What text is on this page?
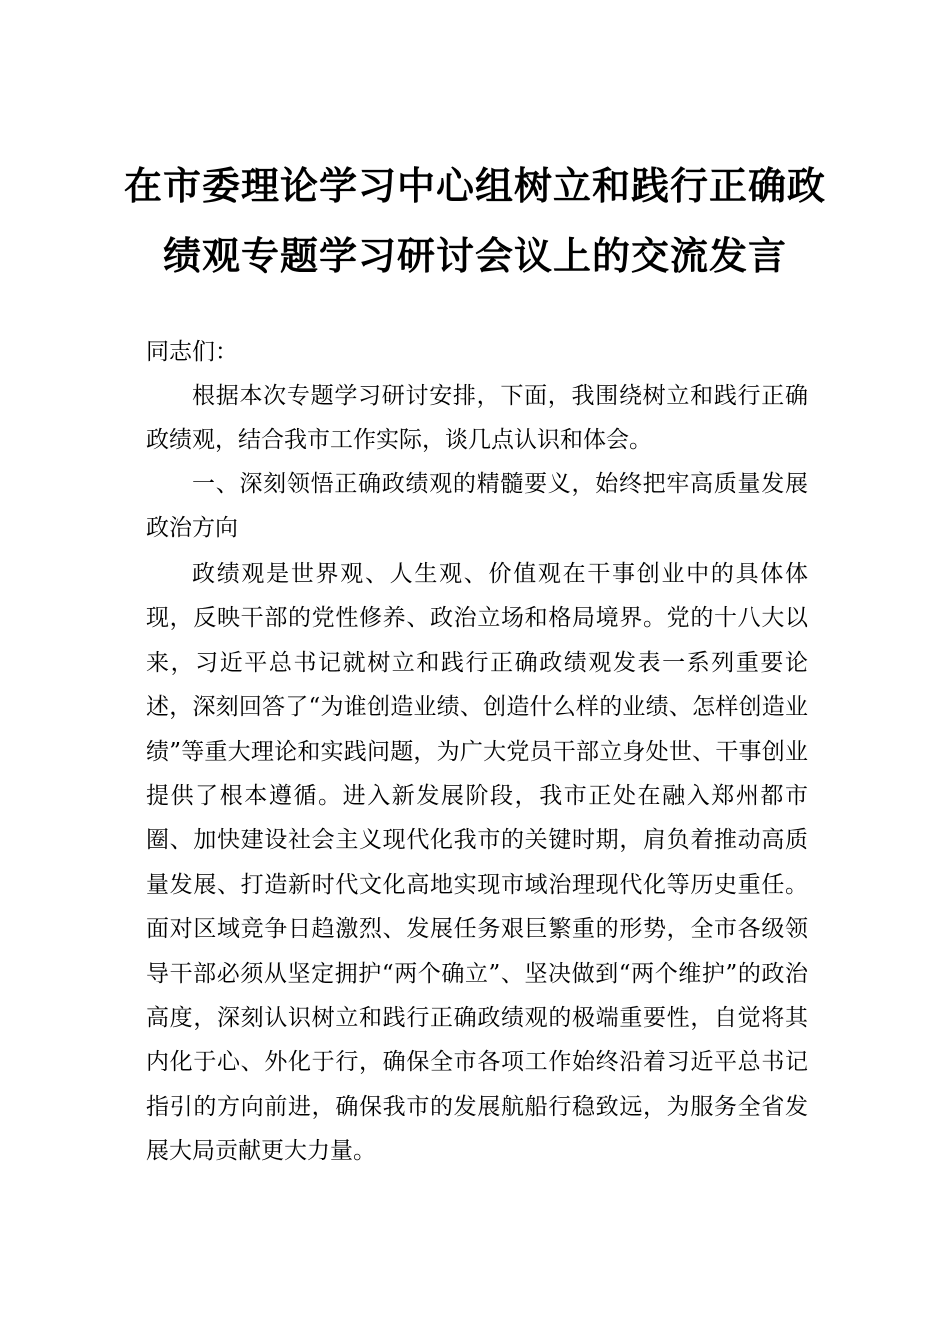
在市委理论学习中心组树立和践行正确政
绩观专题学习研讨会议上的交流发言
同志们：
根据本次专题学习研讨安排，下面，我围绕树立和践行正确政绩观，结合我市工作实际，谈几点认识和体会。
一、深刻领悟正确政绩观的精髓要义，始终把牢高质量发展政治方向
政绩观是世界观、人生观、价值观在干事创业中的具体体现，反映干部的党性修养、政治立场和格局境界。党的十八大以来，习近平总书记就树立和践行正确政绩观发表一系列重要论述，深刻回答了“为谁创造业绩、创造什么样的业绩、怎样创造业绩”等重大理论和实践问题，为广大党员干部立身处世、干事创业提供了根本遵循。进入新发展阶段，我市正处在融入郑州都市圈、加快建设社会主义现代化我市的关键时期，肩负着推动高质量发展、打造新时代文化高地实现市域治理现代化等历史重任。面对区域竞争日趋激烈、发展任务艰巨繁重的形势，全市各级领导干部必须从坚定拥护“两个确立”、坚决做到“两个维护”的政治高度，深刻认识树立和践行正确政绩观的极端重要性，自觉将其内化于心、外化于行，确保全市各项工作始终沿着习近平总书记指引的方向前进，确保我市的发展航船行稳致远，为服务全省发展大局贡献更大力量。
